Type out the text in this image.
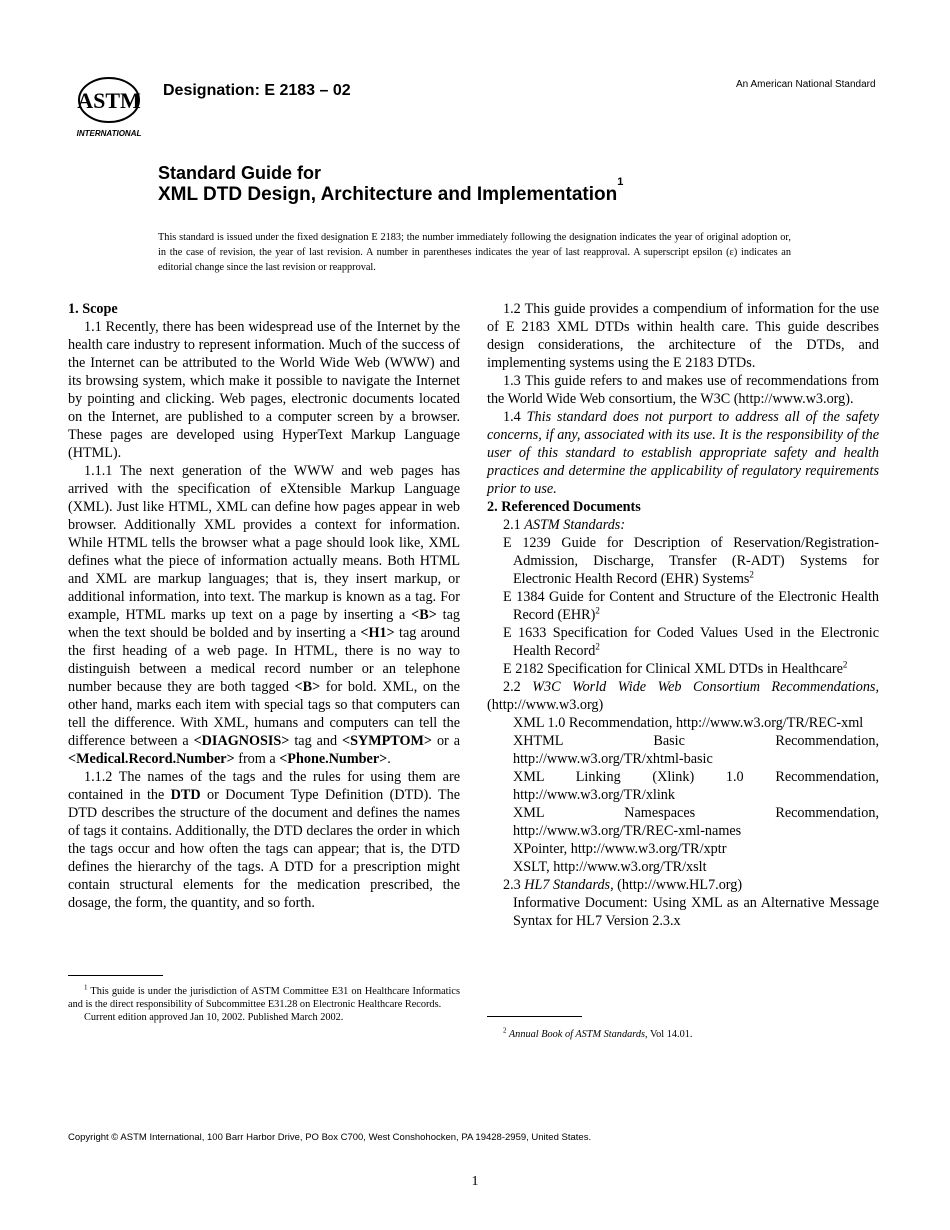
ASTM
INTERNATIONAL
Designation: E 2183 – 02	An American National Standard
Standard Guide for
XML DTD Design, Architecture and Implementation$^1$
This standard is issued under the fixed designation E 2183; the number immediately following the designation indicates the year of original adoption or, in the case of revision, the year of last revision. A number in parentheses indicates the year of last reapproval. A superscript epsilon (ε) indicates an editorial change since the last revision or reapproval.

1. Scope

1.1 Recently, there has been widespread use of the Internet by the health care industry to represent information. Much of the success of the Internet can be attributed to the World Wide Web (WWW) and its browsing system, which make it possible to navigate the Internet by pointing and clicking. Web pages, electronic documents located on the Internet, are published to a computer screen by a browser. These pages are developed using HyperText Markup Language (HTML).

1.1.1 The next generation of the WWW and web pages has arrived with the specification of eXtensible Markup Language (XML). Just like HTML, XML can define how pages appear in web browser. Additionally XML provides a context for information. While HTML tells the browser what a page should look like, XML defines what the piece of information actually means. Both HTML and XML are markup languages; that is, they insert markup, or additional information, into text. The markup is known as a tag. For example, HTML marks up text on a page by inserting a <B> tag when the text should be bolded and by inserting a <H1> tag around the first heading of a web page. In HTML, there is no way to distinguish between a medical record number or an telephone number because they are both tagged <B> for bold. XML, on the other hand, marks each item with special tags so that computers can tell the difference. With XML, humans and computers can tell the difference between a <DIAGNOSIS> tag and <SYMPTOM> or a <Medical.Record.Number> from a <Phone.Number>.

1.1.2 The names of the tags and the rules for using them are contained in the DTD or Document Type Definition (DTD). The DTD describes the structure of the document and defines the names of tags it contains. Additionally, the DTD declares the order in which the tags occur and how often the tags can appear; that is, the DTD defines the hierarchy of the tags. A DTD for a prescription might contain structural elements for the medication prescribed, the dosage, the form, the quantity, and so forth.

1.2 This guide provides a compendium of information for the use of E 2183 XML DTDs within health care. This guide describes design considerations, the architecture of the DTDs, and implementing systems using the E 2183 DTDs.

1.3 This guide refers to and makes use of recommendations from the World Wide Web consortium, the W3C (http://www.w3.org).

1.4 This standard does not purport to address all of the safety concerns, if any, associated with its use. It is the responsibility of the user of this standard to establish appropriate safety and health practices and determine the applicability of regulatory requirements prior to use.

2. Referenced Documents

2.1 ASTM Standards:

E 1239 Guide for Description of Reservation/Registration-Admission, Discharge, Transfer (R-ADT) Systems for Electronic Health Record (EHR) Systems$^2$

E 1384 Guide for Content and Structure of the Electronic Health Record (EHR)$^2$

E 1633 Specification for Coded Values Used in the Electronic Health Record$^2$

E 2182 Specification for Clinical XML DTDs in Healthcare$^2$

2.2 W3C World Wide Web Consortium Recommendations, (http://www.w3.org)

XML 1.0 Recommendation, http://www.w3.org/TR/REC-xml

XHTML Basic Recommendation, http://www.w3.org/TR/xhtml-basic

XML Linking (Xlink) 1.0 Recommendation, http://www.w3.org/TR/xlink

XML Namespaces Recommendation, http://www.w3.org/TR/REC-xml-names

XPointer, http://www.w3.org/TR/xptr

XSLT, http://www.w3.org/TR/xslt

2.3 HL7 Standards, (http://www.HL7.org)

Informative Document: Using XML as an Alternative Message Syntax for HL7 Version 2.3.x

$^1$ This guide is under the jurisdiction of ASTM Committee E31 on Healthcare Informatics and is the direct responsibility of Subcommittee E31.28 on Electronic Healthcare Records.

Current edition approved Jan 10, 2002. Published March 2002.

$^2$ Annual Book of ASTM Standards, Vol 14.01.

Copyright © ASTM International, 100 Barr Harbor Drive, PO Box C700, West Conshohocken, PA 19428-2959, United States.
1
